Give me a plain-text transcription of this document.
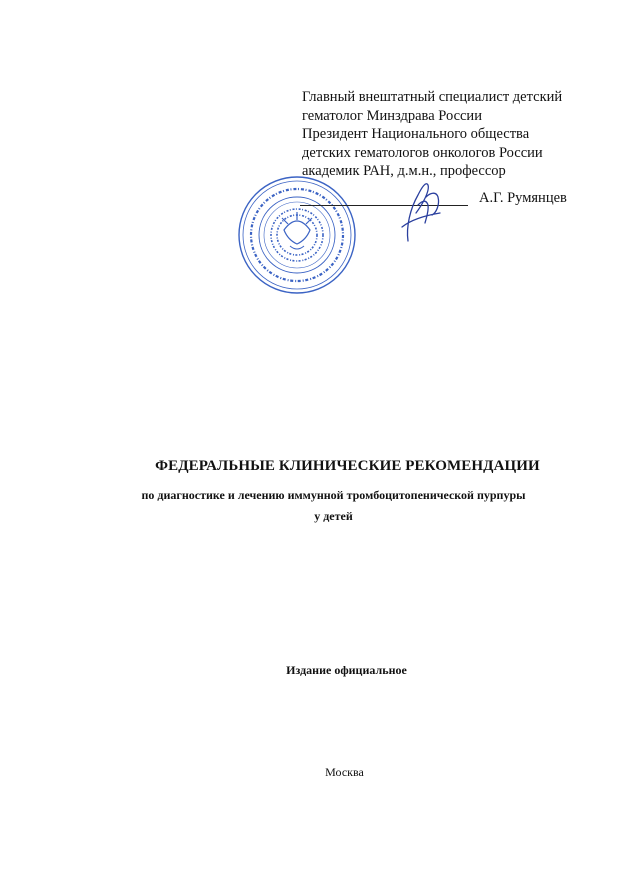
Главный внештатный специалист детский
гематолог Минздрава России
Президент Национального общества
детских гематологов онкологов России
академик РАН, д.м.н., профессор
А.Г. Румянцев
ФЕДЕРАЛЬНЫЕ КЛИНИЧЕСКИЕ РЕКОМЕНДАЦИИ
по диагностике и лечению иммунной тромбоцитопенической пурпуры
у детей
Издание официальное
Москва
